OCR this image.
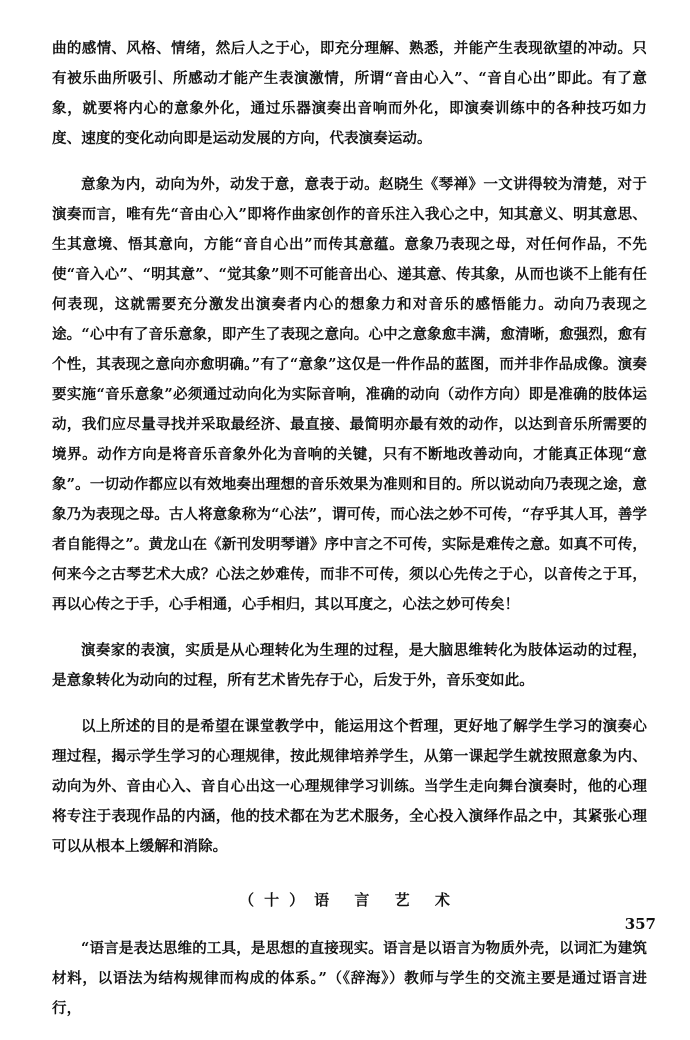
曲的感情、风格、情绪，然后人之于心，即充分理解、熟悉，并能产生表现欲望的冲动。只有被乐曲所吸引、所感动才能产生表演激情，所谓“音由心入”、“音自心出”即此。有了意象，就要将内心的意象外化，通过乐器演奏出音响而外化，即演奏训练中的各种技巧如力度、速度的变化动向即是运动发展的方向，代表演奏运动。

意象为内，动向为外，动发于意，意表于动。赵晓生《琴禅》一文讲得较为清楚，对于演奏而言，唯有先“音由心入”即将作曲家创作的音乐注入我心之中，知其意义、明其意思、生其意境、悟其意向，方能“音自心出”而传其意蕴。意象乃表现之母，对任何作品，不先使“音入心”、“明其意”、“觉其象”则不可能音出心、递其意、传其象，从而也谈不上能有任何表现，这就需要充分激发出演奏者内心的想象力和对音乐的感悟能力。动向乃表现之途。“心中有了音乐意象，即产生了表现之意向。心中之意象愈丰满，愈清晰，愈强烈，愈有个性，其表现之意向亦愈明确。”有了“意象”这仅是一件作品的蓝图，而并非作品成像。演奏要实施“音乐意象”必须通过动向化为实际音响，准确的动向（动作方向）即是准确的肢体运动，我们应尽量寻找并采取最经济、最直接、最简明亦最有效的动作，以达到音乐所需要的境界。动作方向是将音乐音象外化为音响的关键，只有不断地改善动向，才能真正体现“意象”。一切动作都应以有效地奏出理想的音乐效果为准则和目的。所以说动向乃表现之途，意象乃为表现之母。古人将意象称为“心法”，谓可传，而心法之妙不可传，“存乎其人耳，善学者自能得之”。黄龙山在《新刊发明琴谱》序中言之不可传，实际是难传之意。如真不可传，何来今之古琴艺术大成？心法之妙难传，而非不可传，须以心先传之于心，以音传之于耳，再以心传之于手，心手相通，心手相归，其以耳度之，心法之妙可传矣！

演奏家的表演，实质是从心理转化为生理的过程，是大脑思维转化为肢体运动的过程，是意象转化为动向的过程，所有艺术皆先存于心，后发于外，音乐变如此。

以上所述的目的是希望在课堂教学中，能运用这个哲理，更好地了解学生学习的演奏心理过程，揭示学生学习的心理规律，按此规律培养学生，从第一课起学生就按照意象为内、动向为外、音由心入、音自心出这一心理规律学习训练。当学生走向舞台演奏时，他的心理将专注于表现作品的内涵，他的技术都在为艺术服务，全心投入演绎作品之中，其紧张心理可以从根本上缓解和消除。

（十）语 言 艺 术

“语言是表达思维的工具，是思想的直接现实。语言是以语言为物质外壳，以词汇为建筑材料，以语法为结构规律而构成的体系。”（《辞海》）教师与学生的交流主要是通过语言进行，

357
